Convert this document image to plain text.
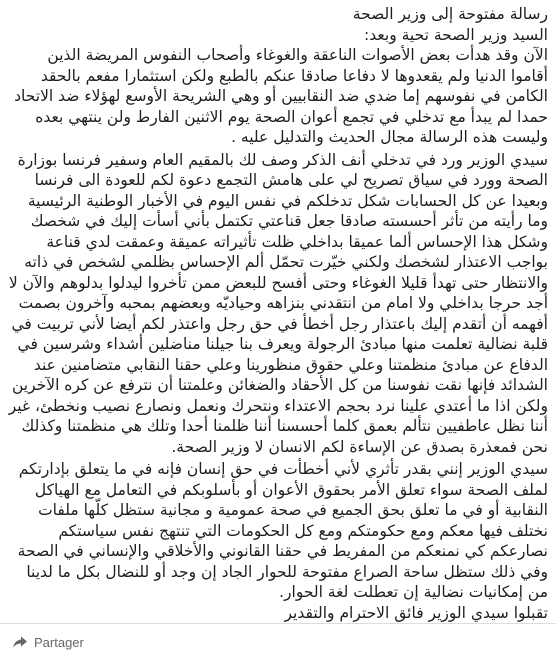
رسالة مفتوحة إلى وزير الصحة

السيد وزير الصحة تحية وبعد:

الآن وقد هدأت بعض الأصوات الناعقة والغوغاء وأصحاب النفوس المريضة الذين أقاموا الدنيا ولم يقعدوها لا دفاعا صادقا عنكم بالطبع ولكن استثمارا مفعم بالحقد الكامن في نفوسهم إما ضدي ضد النقابيين أو وهي الشريحة الأوسع لهؤلاء ضد الاتحاد حمدا لم يبدأ مع تدخلي في تجمع أعوان الصحة يوم الاثنين الفارط ولن ينتهي بعده وليست هذه الرسالة مجال الحديث والتدليل عليه .

سيدي الوزير ورد في تدخلي أنف الذكر وصف لك بالمقيم العام وسفير فرنسا بوزارة الصحة وورد في سياق تصريح لي على هامش التجمع دعوة لكم للعودة الى فرنسا وبعيدا عن كل الحسابات شكل تدخلكم في نفس اليوم في الأخبار الوطنية الرئيسية وما رأيته من تأثر أحسسته صادقا جعل قناعتي تكتمل بأني أسأت إليك في شخصك وشكل هذا الإحساس ألما عميقا بداخلي ظلت تأثيراته عميقة وعمقت لدي قناعة بواجب الاعتذار لشخصك ولكني خيّرت تحمّل ألم الإحساس بظلمي لشخص في ذاته والانتظار حتى تهدأ قليلا الغوغاء وحتى أفسح للبعض ممن تأخروا ليدلوا بدلوهم والآن لا أجد حرجا بداخلي ولا امام من انتقدني بنزاهه وحياديّه وبعضهم بمحبه وآخرون بصمت أفهمه أن أتقدم إليك باعتذار رجل أخطأ في حق رجل واعتذر لكم أيضا لأني تربيت في قلبة نضالية تعلمت منها مبادئ الرجولة ويعرف بنا جيلنا مناضلين أشداء وشرسين في الدفاع عن مبادئ منظمتنا وعلي حقوق منظورينا وعلي حقنا النقابي متضامنين عند الشدائد فإنها نقت نفوسنا من كل الأحقاد والضغائن وعلمتنا أن نترفع عن كره الآخرين ولكن اذا ما أعتدي علينا نرد بحجم الاعتداء ونتحرك ونعمل ونصارع نصيب ونخطئ، غير أننا نظل عاطفيين نتألم بعمق كلما أحسسنا أننا ظلمنا أحدا وتلك هي منظمتنا وكذلك نحن فمعذرة بصدق عن الإساءة لكم الانسان لا وزير الصحة.

سيدي الوزير إنني بقدر تأثري لأني أخطأت في حق إنسان فإنه في ما يتعلق بإدارتكم لملف الصحة سواء تعلق الأمر بحقوق الأعوان أو بأسلوبكم في التعامل مع الهياكل النقابية أو في ما تعلق بحق الجميع في صحة عمومية و مجانية ستظل كلّها ملفات نختلف فيها معكم ومع حكومتكم ومع كل الحكومات التي تنتهج نفس سياستكم نصارعكم كي نمنعكم من المفريط في حقنا القانوني والأخلاقي والإنساني في الصحة وفي ذلك ستظل ساحة الصراع مفتوحة للحوار الجاد إن وجد أو للنضال بكل ما لدينا من إمكانيات نضالية إن تعطلت لغة الحوار.

تقبلوا سيدي الوزير فائق الاحترام والتقدير

Partager
